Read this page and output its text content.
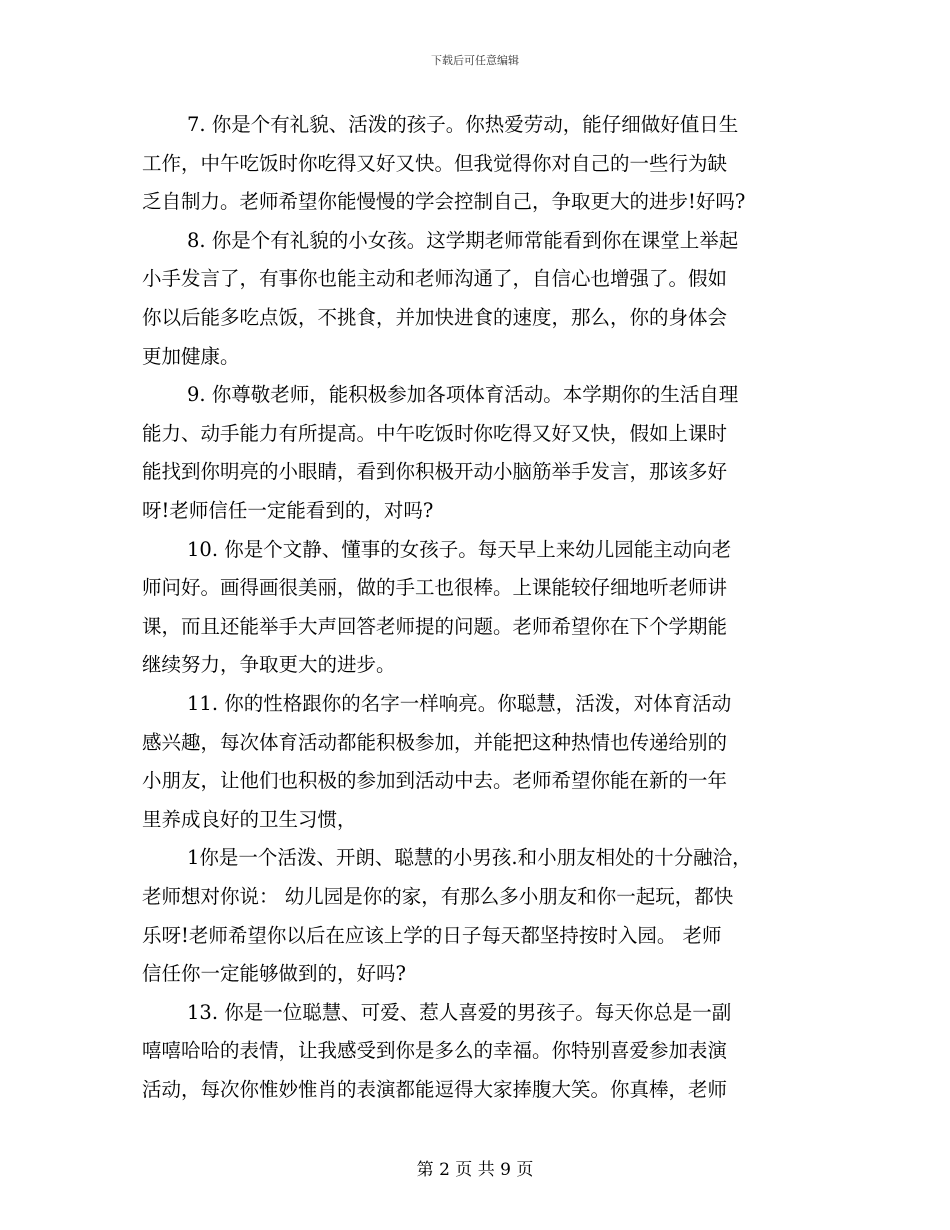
下载后可任意编辑
7. 你是个有礼貌、活泼的孩子。你热爱劳动，能仔细做好值日生
工作，中午吃饭时你吃得又好又快。但我觉得你对自己的一些行为缺
乏自制力。老师希望你能慢慢的学会控制自己，争取更大的进步!好吗?
8. 你是个有礼貌的小女孩。这学期老师常能看到你在课堂上举起
小手发言了，有事你也能主动和老师沟通了，自信心也增强了。假如
你以后能多吃点饭，不挑食，并加快进食的速度，那么，你的身体会
更加健康。
9. 你尊敬老师，能积极参加各项体育活动。本学期你的生活自理
能力、动手能力有所提高。中午吃饭时你吃得又好又快，假如上课时
能找到你明亮的小眼睛，看到你积极开动小脑筋举手发言，那该多好
呀!老师信任一定能看到的，对吗?
10. 你是个文静、懂事的女孩子。每天早上来幼儿园能主动向老
师问好。画得画很美丽，做的手工也很棒。上课能较仔细地听老师讲
课，而且还能举手大声回答老师提的问题。老师希望你在下个学期能
继续努力，争取更大的进步。
11. 你的性格跟你的名字一样响亮。你聪慧，活泼，对体育活动
感兴趣，每次体育活动都能积极参加，并能把这种热情也传递给别的
小朋友，让他们也积极的参加到活动中去。老师希望你能在新的一年
里养成良好的卫生习惯，
1你是一个活泼、开朗、聪慧的小男孩.和小朋友相处的十分融洽，
老师想对你说： 幼儿园是你的家，有那么多小朋友和你一起玩，都快
乐呀!老师希望你以后在应该上学的日子每天都坚持按时入园。 老师
信任你一定能够做到的，好吗?
13. 你是一位聪慧、可爱、惹人喜爱的男孩子。每天你总是一副
嘻嘻哈哈的表情，让我感受到你是多么的幸福。你特别喜爱参加表演
活动，每次你惟妙惟肖的表演都能逗得大家捧腹大笑。你真棒，老师
第 2 页 共 9 页
